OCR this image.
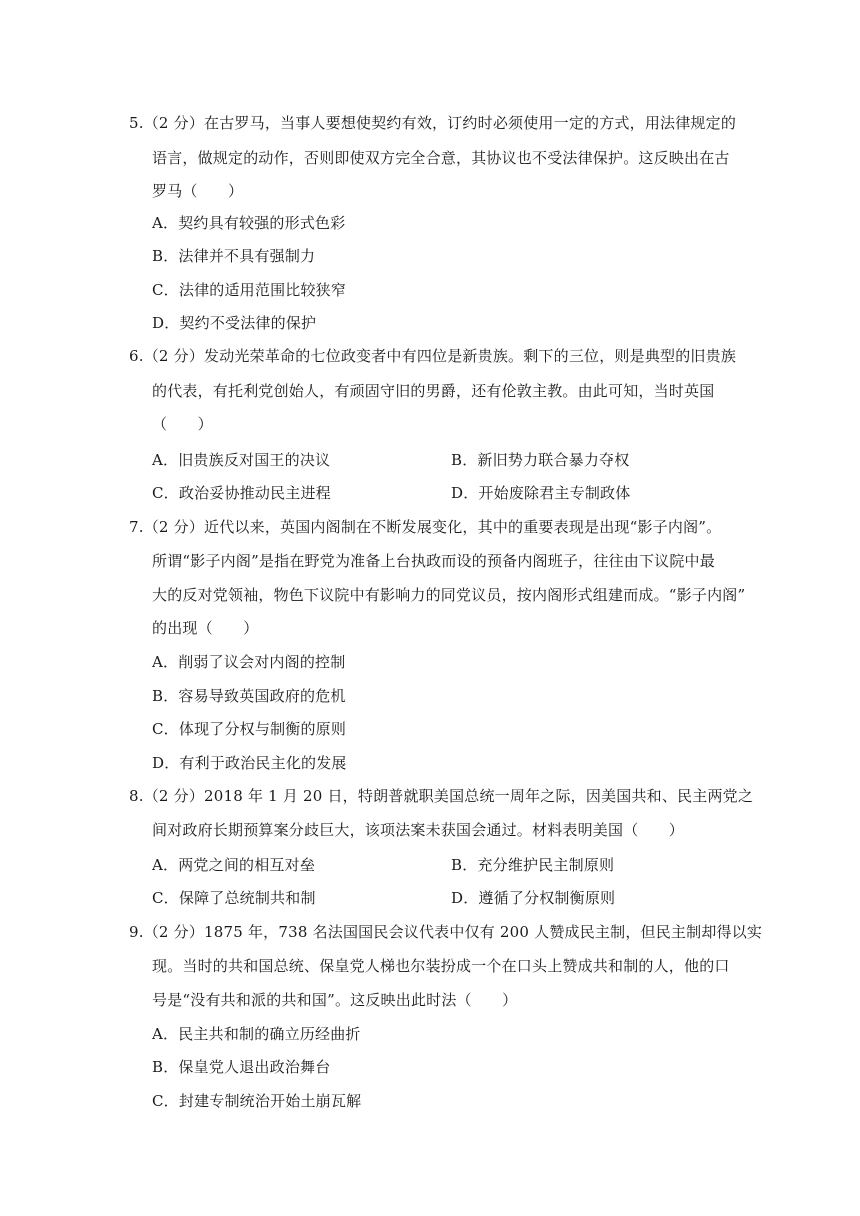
5.（2 分）在古罗马，当事人要想使契约有效，订约时必须使用一定的方式，用法律规定的
语言，做规定的动作，否则即使双方完全合意，其协议也不受法律保护。这反映出在古
罗马（　　）
A．契约具有较强的形式色彩
B．法律并不具有强制力
C．法律的适用范围比较狭窄
D．契约不受法律的保护
6.（2 分）发动光荣革命的七位政变者中有四位是新贵族。剩下的三位，则是典型的旧贵族
的代表，有托利党创始人，有顽固守旧的男爵，还有伦敦主教。由此可知，当时英国
（　　）
A．旧贵族反对国王的决议	B．新旧势力联合暴力夺权
C．政治妥协推动民主进程	D．开始废除君主专制政体
7.（2 分）近代以来，英国内阁制在不断发展变化，其中的重要表现是出现“影子内阁”。
所谓“影子内阁”是指在野党为准备上台执政而设的预备内阁班子，往往由下议院中最
大的反对党领袖，物色下议院中有影响力的同党议员，按内阁形式组建而成。“影子内阁”
的出现（　　）
A．削弱了议会对内阁的控制
B．容易导致英国政府的危机
C．体现了分权与制衡的原则
D．有利于政治民主化的发展
8.（2 分）2018 年 1 月 20 日，特朗普就职美国总统一周年之际，因美国共和、民主两党之
间对政府长期预算案分歧巨大，该项法案未获国会通过。材料表明美国（　　）
A．两党之间的相互对垒	B．充分维护民主制原则
C．保障了总统制共和制	D．遵循了分权制衡原则
9.（2 分）1875 年，738 名法国国民会议代表中仅有 200 人赞成民主制，但民主制却得以实
现。当时的共和国总统、保皇党人梯也尔装扮成一个在口头上赞成共和制的人，他的口
号是“没有共和派的共和国”。这反映出此时法（　　）
A．民主共和制的确立历经曲折
B．保皇党人退出政治舞台
C．封建专制统治开始土崩瓦解
